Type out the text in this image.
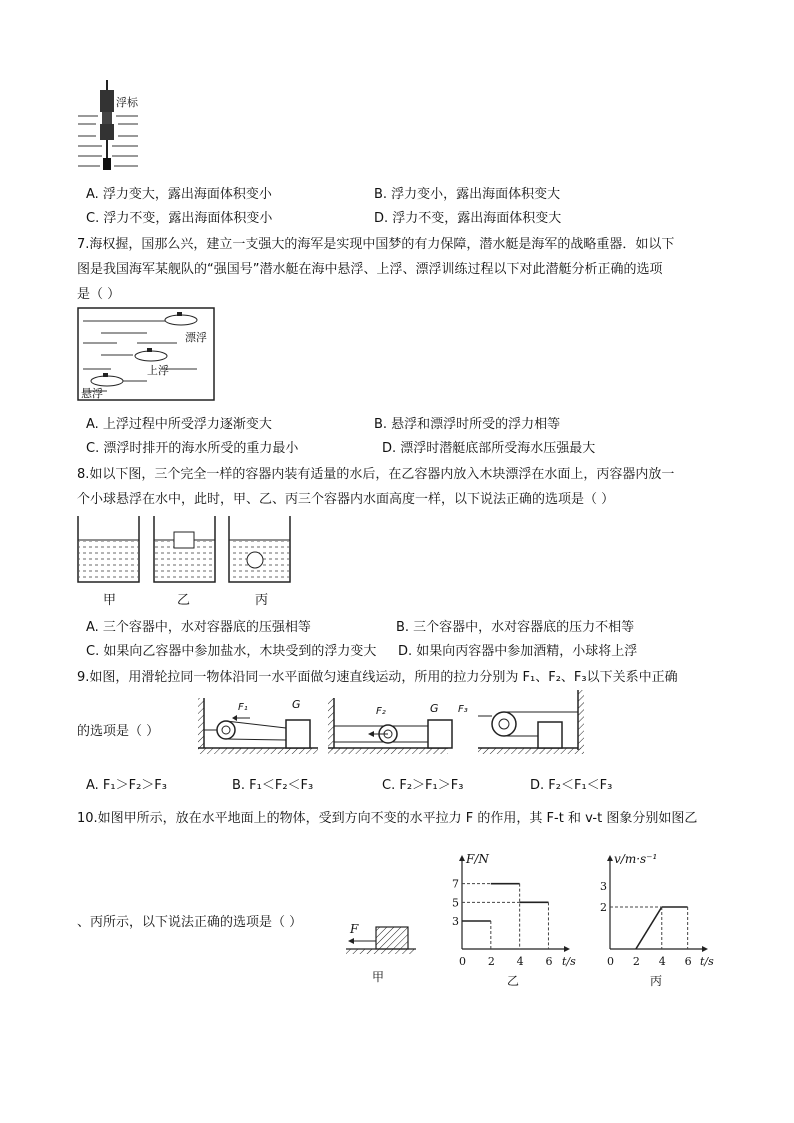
浮标
A. 浮力变大，露出海面体积变小	B. 浮力变小，露出海面体积变大
C. 浮力不变，露出海面体积变小	D. 浮力不变，露出海面体积变大
7.海权握，国那么兴，建立一支强大的海军是实现中国梦的有力保障，潜水艇是海军的战略重器．如以下
图是我国海军某舰队的“强国号”潜水艇在海中悬浮、上浮、漂浮训练过程以下对此潜艇分析正确的选项
是（ ）
漂浮
上浮
悬浮
A. 上浮过程中所受浮力逐渐变大	B. 悬浮和漂浮时所受的浮力相等
C. 漂浮时排开的海水所受的重力最小	D. 漂浮时潜艇底部所受海水压强最大
8.如以下图，三个完全一样的容器内装有适量的水后，在乙容器内放入木块漂浮在水面上，丙容器内放一
个小球悬浮在水中，此时，甲、乙、丙三个容器内水面高度一样，以下说法正确的选项是（ ）
甲	乙	丙
A. 三个容器中，水对容器底的压强相等	B. 三个容器中，水对容器底的压力不相等
C. 如果向乙容器中参加盐水，木块受到的浮力变大 D. 如果向丙容器中参加酒精，小球将上浮
9.如图，用滑轮拉同一物体沿同一水平面做匀速直线运动，所用的拉力分别为 F₁、F₂、F₃以下关系中正确
的选项是（ ）
F₁	G
F₂	G F₃
A. F₁＞F₂＞F₃	B. F₁＜F₂＜F₃	C. F₂＞F₁＞F₃	D. F₂＜F₁＜F₃
10.如图甲所示，放在水平地面上的物体，受到方向不变的水平拉力 F 的作用，其 F-t 和 v-t 图象分别如图乙
、丙所示，以下说法正确的选项是（ ）	F
甲
F/N
t/s
0 2 4 6
3
5
7
乙
v/m·s⁻¹
t/s
0 2 4 6
2
3
丙
